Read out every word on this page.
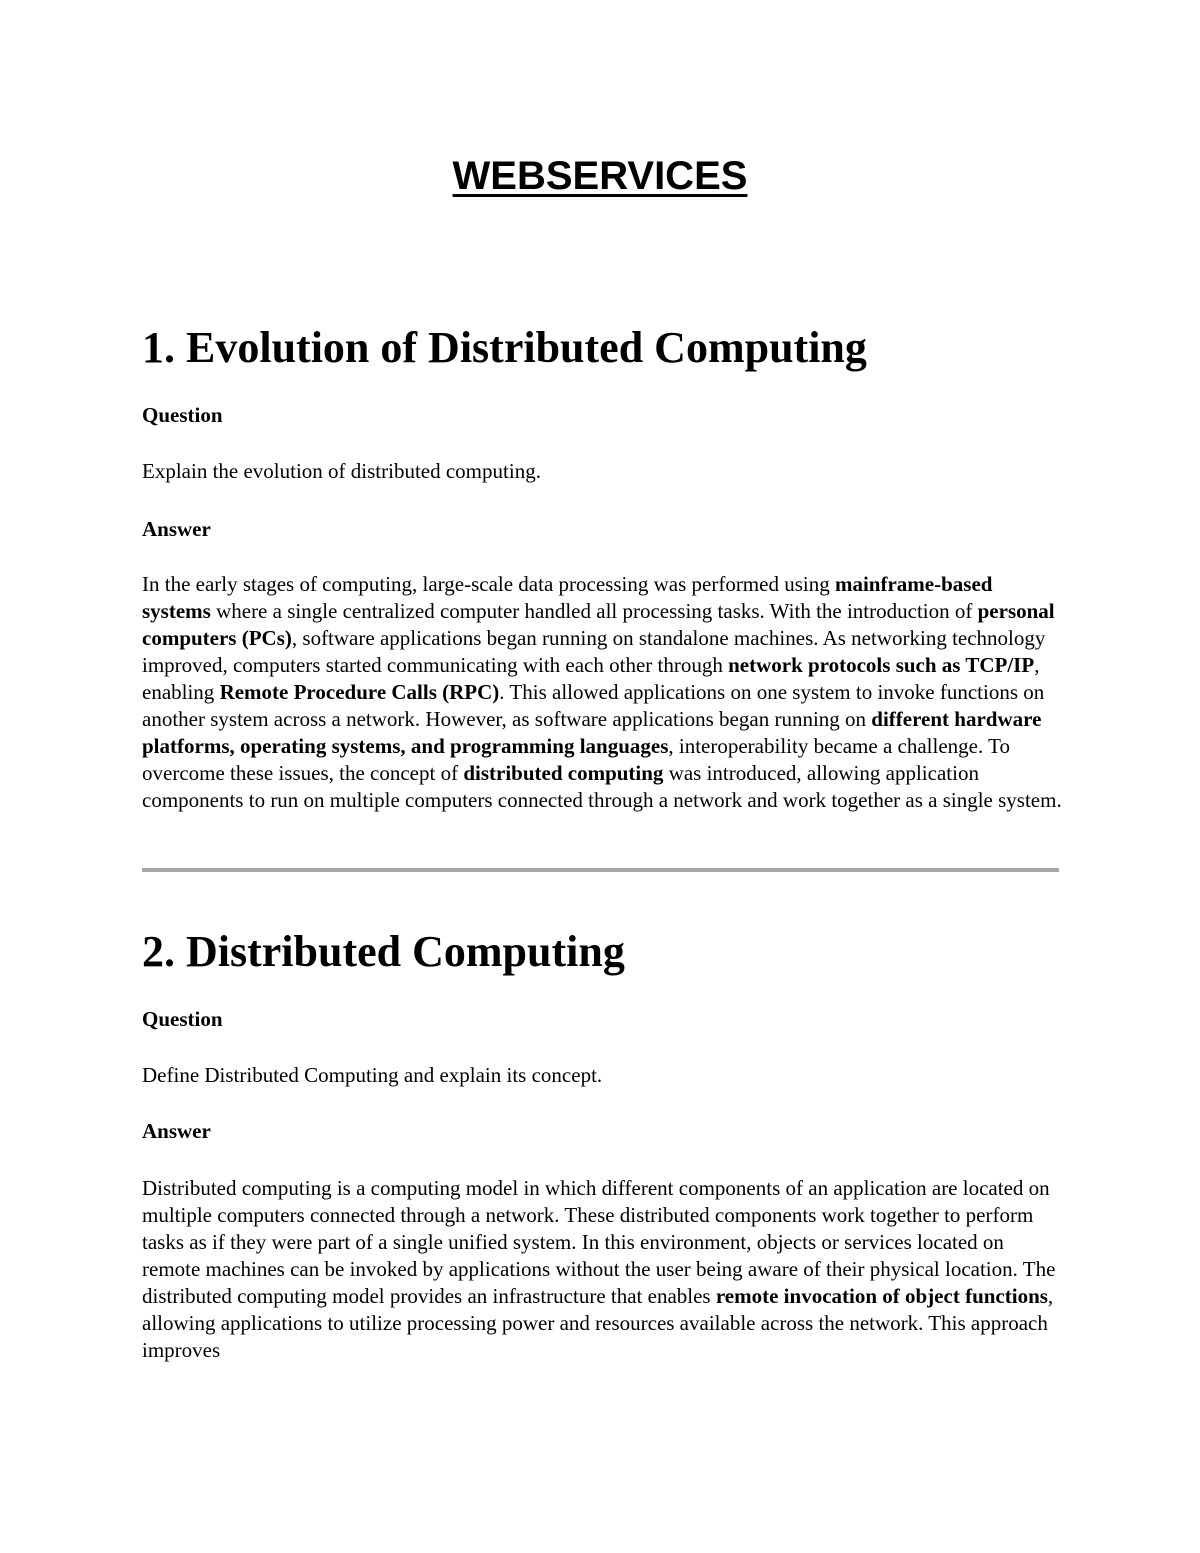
WEBSERVICES
1. Evolution of Distributed Computing
Question

Explain the evolution of distributed computing.

Answer

In the early stages of computing, large-scale data processing was performed using mainframe-based systems where a single centralized computer handled all processing tasks. With the introduction of personal computers (PCs), software applications began running on standalone machines. As networking technology improved, computers started communicating with each other through network protocols such as TCP/IP, enabling Remote Procedure Calls (RPC). This allowed applications on one system to invoke functions on another system across a network. However, as software applications began running on different hardware platforms, operating systems, and programming languages, interoperability became a challenge. To overcome these issues, the concept of distributed computing was introduced, allowing application components to run on multiple computers connected through a network and work together as a single system.

2. Distributed Computing
Question

Define Distributed Computing and explain its concept.

Answer

Distributed computing is a computing model in which different components of an application are located on multiple computers connected through a network. These distributed components work together to perform tasks as if they were part of a single unified system. In this environment, objects or services located on remote machines can be invoked by applications without the user being aware of their physical location. The distributed computing model provides an infrastructure that enables remote invocation of object functions, allowing applications to utilize processing power and resources available across the network. This approach improves
